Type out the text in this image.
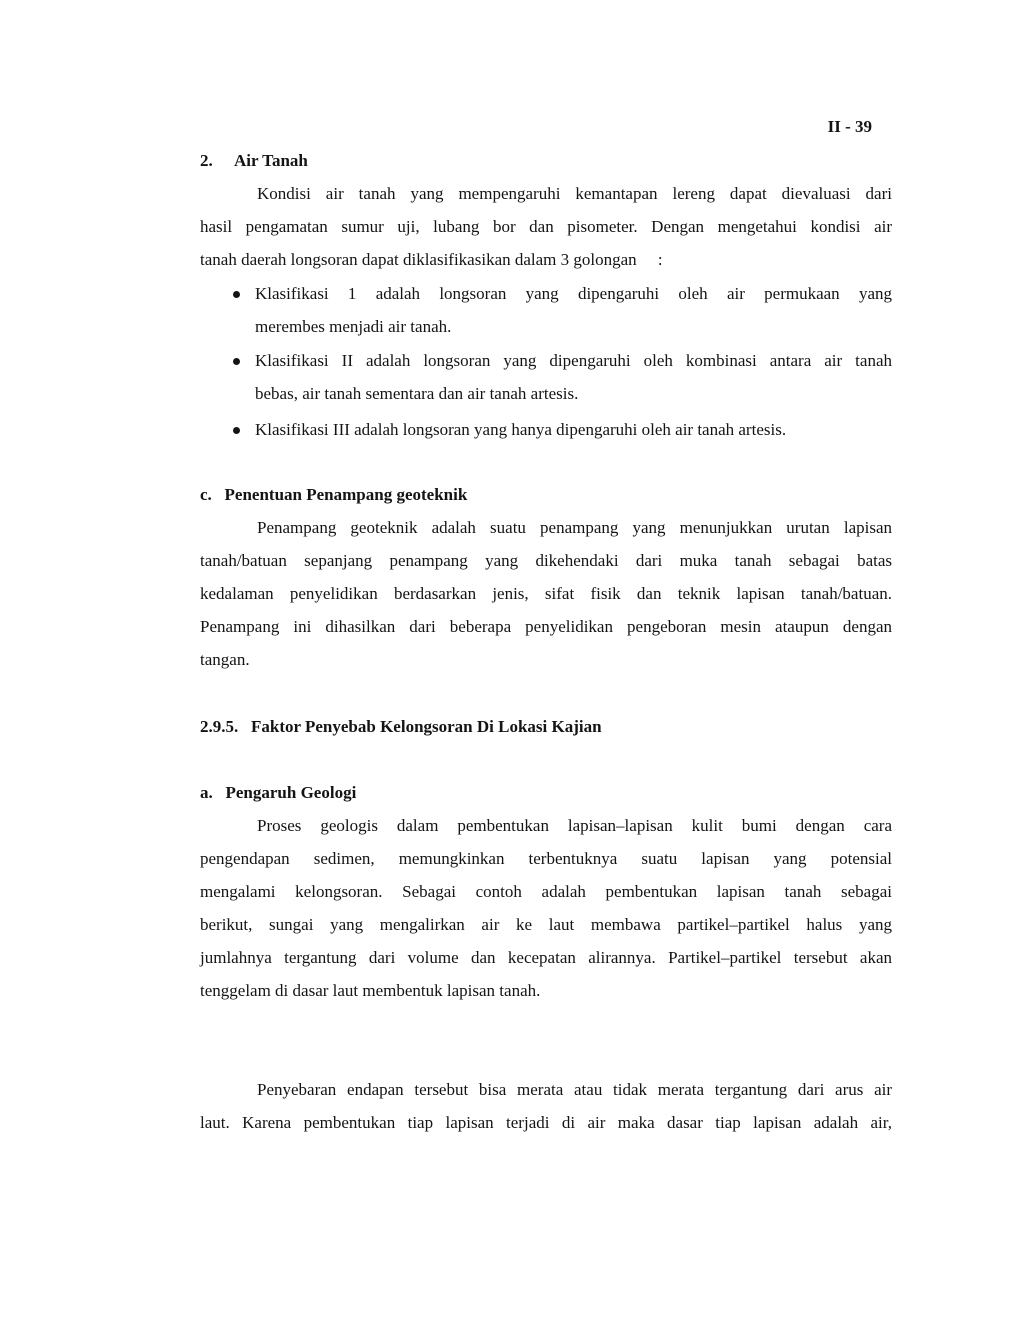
II - 39
2. Air Tanah
Kondisi air tanah yang mempengaruhi kemantapan lereng dapat dievaluasi dari
hasil pengamatan sumur uji, lubang bor dan pisometer. Dengan mengetahui kondisi air
tanah daerah longsoran dapat diklasifikasikan dalam 3 golongan     :
Klasifikasi 1 adalah longsoran yang dipengaruhi oleh air permukaan yang
merembes menjadi air tanah.
Klasifikasi II adalah longsoran yang dipengaruhi oleh kombinasi antara air tanah
bebas, air tanah sementara dan air tanah artesis.
Klasifikasi III adalah longsoran yang hanya dipengaruhi oleh air tanah artesis.
c.   Penentuan Penampang geoteknik
Penampang geoteknik adalah suatu penampang yang menunjukkan urutan lapisan
tanah/batuan sepanjang penampang yang dikehendaki dari muka tanah sebagai batas
kedalaman penyelidikan berdasarkan jenis, sifat fisik dan teknik lapisan tanah/batuan.
Penampang ini dihasilkan dari beberapa penyelidikan pengeboran mesin ataupun dengan
tangan.
2.9.5.   Faktor Penyebab Kelongsoran Di Lokasi Kajian
a.   Pengaruh Geologi
Proses geologis dalam pembentukan lapisan–lapisan kulit bumi dengan cara
pengendapan sedimen, memungkinkan terbentuknya suatu lapisan yang potensial
mengalami kelongsoran. Sebagai contoh adalah pembentukan lapisan tanah sebagai
berikut, sungai yang mengalirkan air ke laut membawa partikel–partikel halus yang
jumlahnya tergantung dari volume dan kecepatan alirannya. Partikel–partikel tersebut akan
tenggelam di dasar laut membentuk lapisan tanah.
Penyebaran endapan tersebut bisa merata atau tidak merata tergantung dari arus air
laut. Karena pembentukan tiap lapisan terjadi di air maka dasar tiap lapisan adalah air,
